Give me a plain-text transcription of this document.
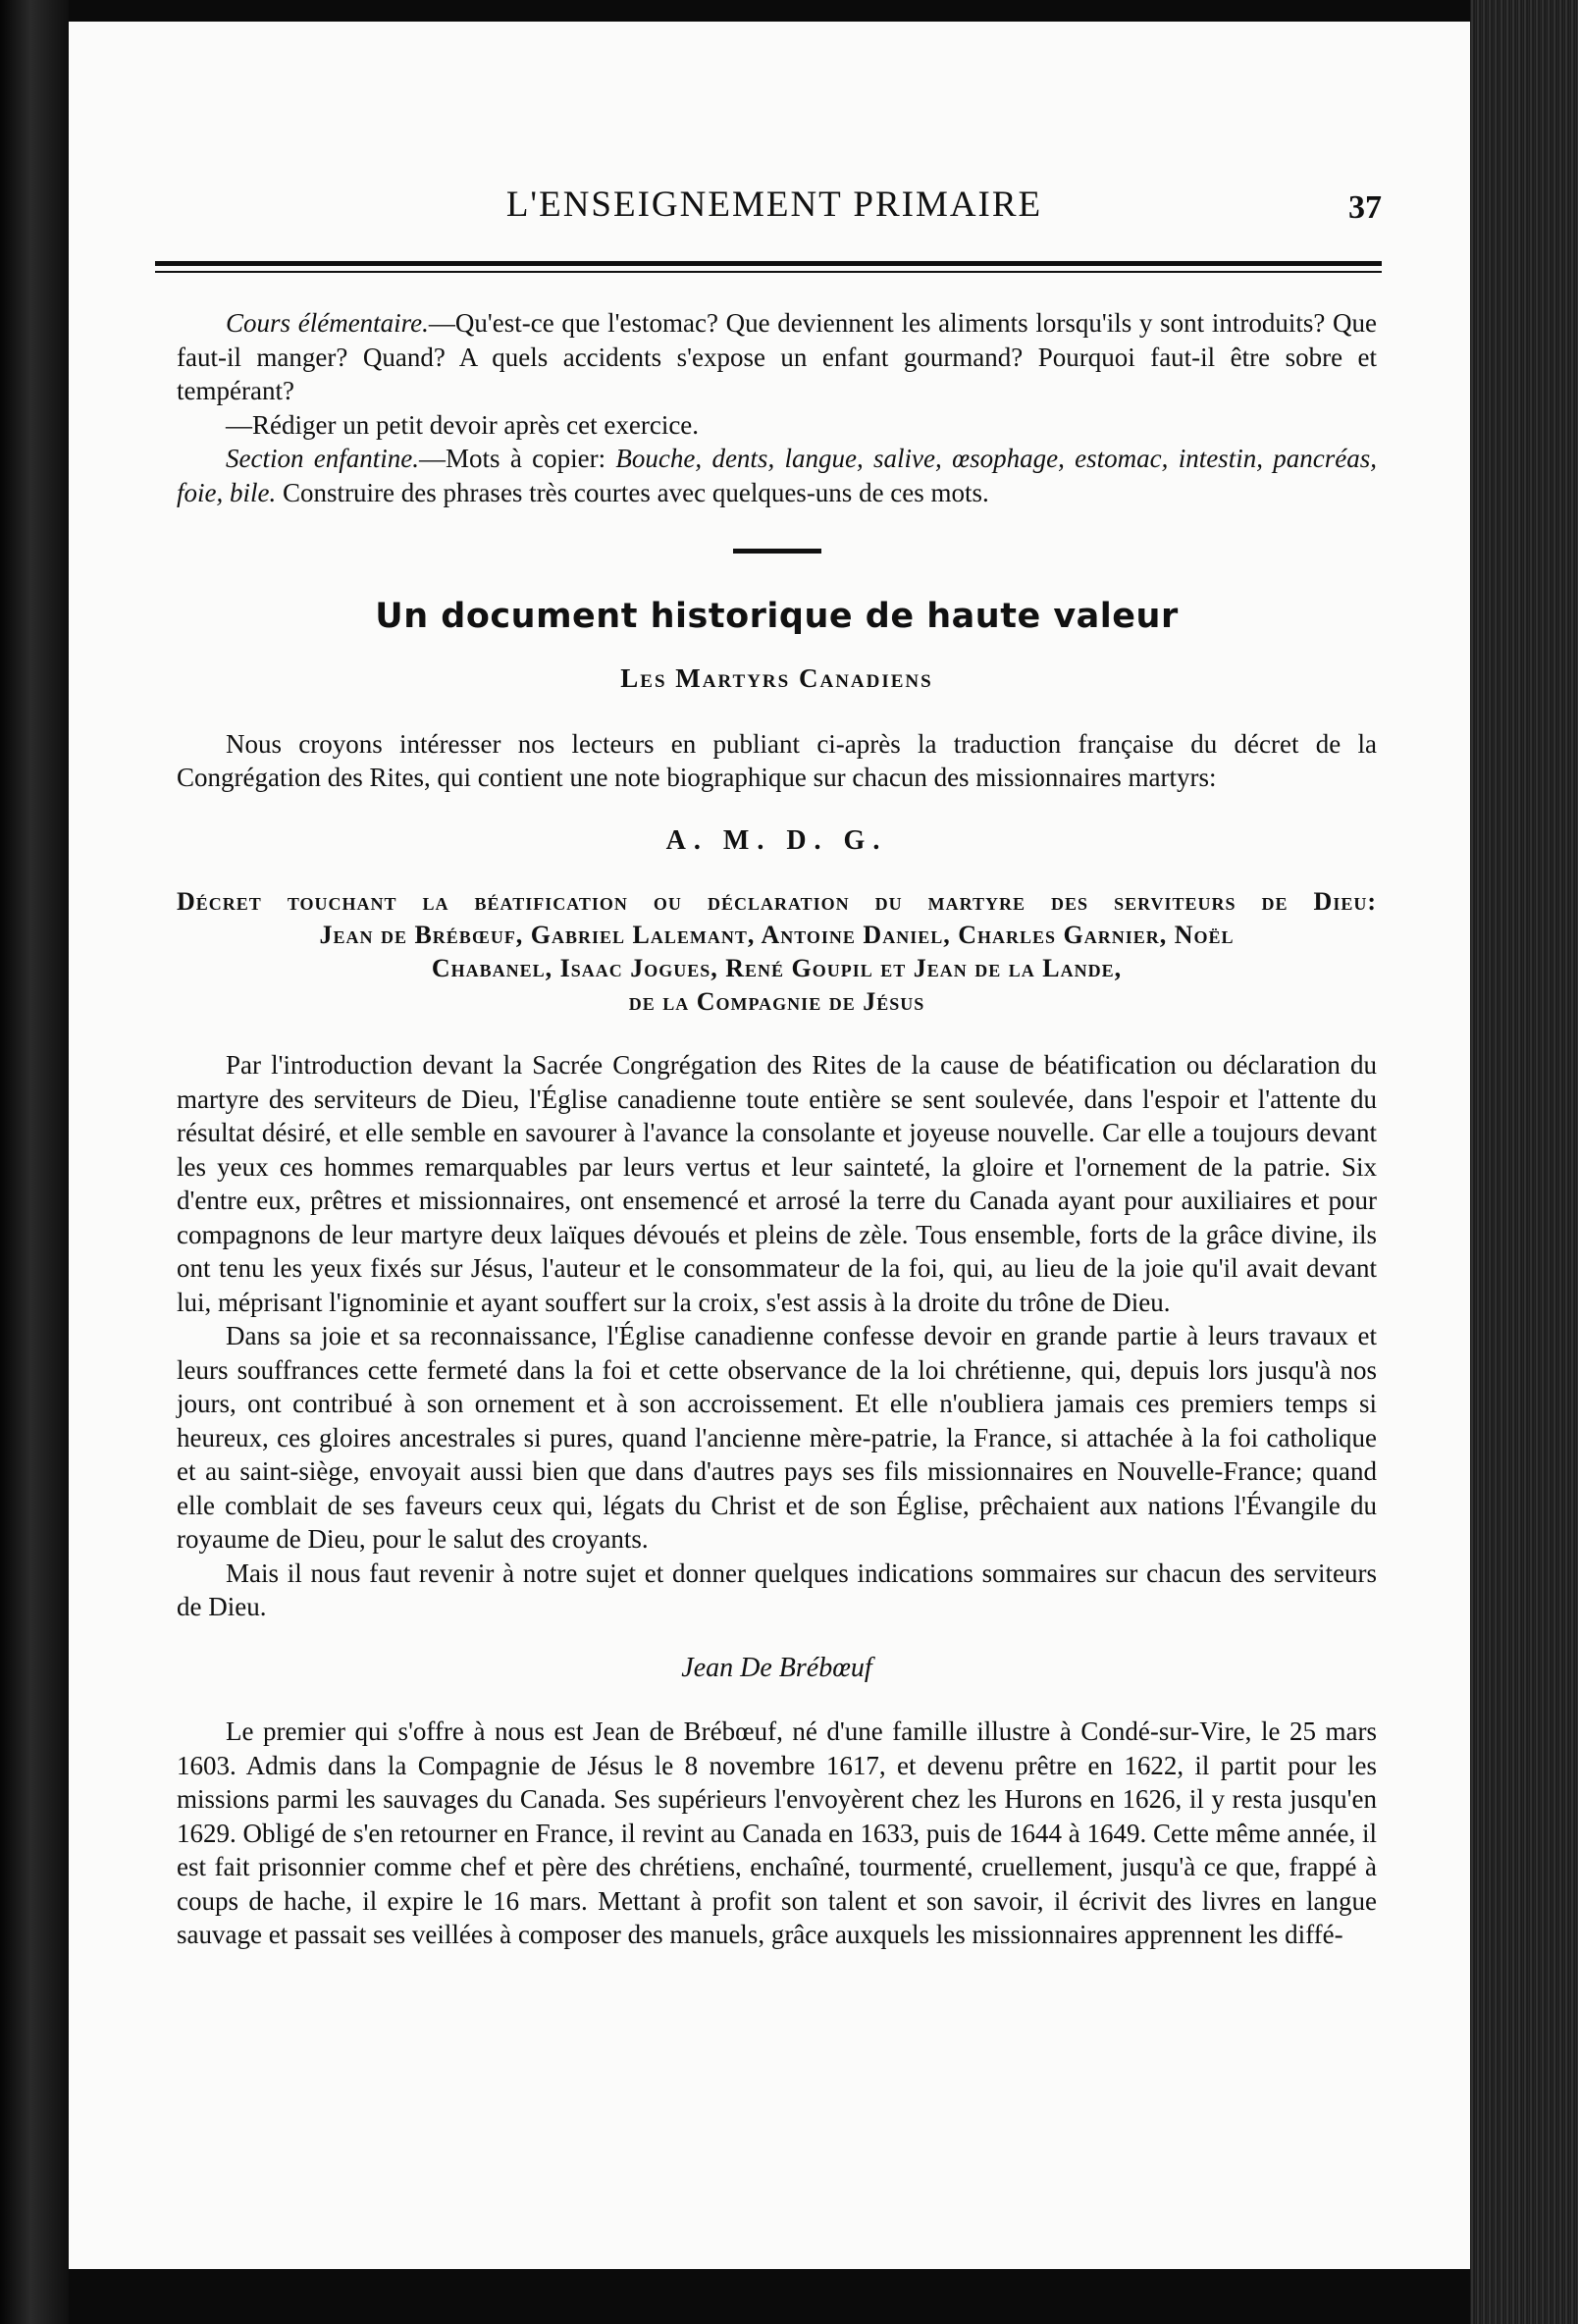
L'ENSEIGNEMENT PRIMAIRE	37

Cours élémentaire.—Qu'est-ce que l'estomac? Que deviennent les aliments lorsqu'ils y sont introduits? Que faut-il manger? Quand? A quels accidents s'expose un enfant gourmand? Pourquoi faut-il être sobre et tempérant?

—Rédiger un petit devoir après cet exercice.

Section enfantine.—Mots à copier: Bouche, dents, langue, salive, œsophage, estomac, intestin, pancréas, foie, bile. Construire des phrases très courtes avec quelques-uns de ces mots.

Un document historique de haute valeur
Les Martyrs Canadiens

Nous croyons intéresser nos lecteurs en publiant ci-après la traduction française du décret de la Congrégation des Rites, qui contient une note biographique sur chacun des missionnaires martyrs:

A. M. D. G.
Décret touchant la béatification ou déclaration du martyre des serviteurs de Dieu:
Jean de Brébœuf, Gabriel Lalemant, Antoine Daniel, Charles Garnier, Noël
Chabanel, Isaac Jogues, René Goupil et Jean de la Lande,
de la Compagnie de Jésus

Par l'introduction devant la Sacrée Congrégation des Rites de la cause de béatification ou déclaration du martyre des serviteurs de Dieu, l'Église canadienne toute entière se sent soulevée, dans l'espoir et l'attente du résultat désiré, et elle semble en savourer à l'avance la consolante et joyeuse nouvelle. Car elle a toujours devant les yeux ces hommes remarquables par leurs vertus et leur sainteté, la gloire et l'ornement de la patrie. Six d'entre eux, prêtres et missionnaires, ont ensemencé et arrosé la terre du Canada ayant pour auxiliaires et pour compagnons de leur martyre deux laïques dévoués et pleins de zèle. Tous ensemble, forts de la grâce divine, ils ont tenu les yeux fixés sur Jésus, l'auteur et le consommateur de la foi, qui, au lieu de la joie qu'il avait devant lui, méprisant l'ignominie et ayant souffert sur la croix, s'est assis à la droite du trône de Dieu.

Dans sa joie et sa reconnaissance, l'Église canadienne confesse devoir en grande partie à leurs travaux et leurs souffrances cette fermeté dans la foi et cette observance de la loi chrétienne, qui, depuis lors jusqu'à nos jours, ont contribué à son ornement et à son accroissement. Et elle n'oubliera jamais ces premiers temps si heureux, ces gloires ancestrales si pures, quand l'ancienne mère-patrie, la France, si attachée à la foi catholique et au saint-siège, envoyait aussi bien que dans d'autres pays ses fils missionnaires en Nouvelle-France; quand elle comblait de ses faveurs ceux qui, légats du Christ et de son Église, prêchaient aux nations l'Évangile du royaume de Dieu, pour le salut des croyants.

Mais il nous faut revenir à notre sujet et donner quelques indications sommaires sur chacun des serviteurs de Dieu.

Jean De Brébœuf

Le premier qui s'offre à nous est Jean de Brébœuf, né d'une famille illustre à Condé-sur-Vire, le 25 mars 1603. Admis dans la Compagnie de Jésus le 8 novembre 1617, et devenu prêtre en 1622, il partit pour les missions parmi les sauvages du Canada. Ses supérieurs l'envoyèrent chez les Hurons en 1626, il y resta jusqu'en 1629. Obligé de s'en retourner en France, il revint au Canada en 1633, puis de 1644 à 1649. Cette même année, il est fait prisonnier comme chef et père des chrétiens, enchaîné, tourmenté, cruellement, jusqu'à ce que, frappé à coups de hache, il expire le 16 mars. Mettant à profit son talent et son savoir, il écrivit des livres en langue sauvage et passait ses veillées à composer des manuels, grâce auxquels les missionnaires apprennent les diffé-
